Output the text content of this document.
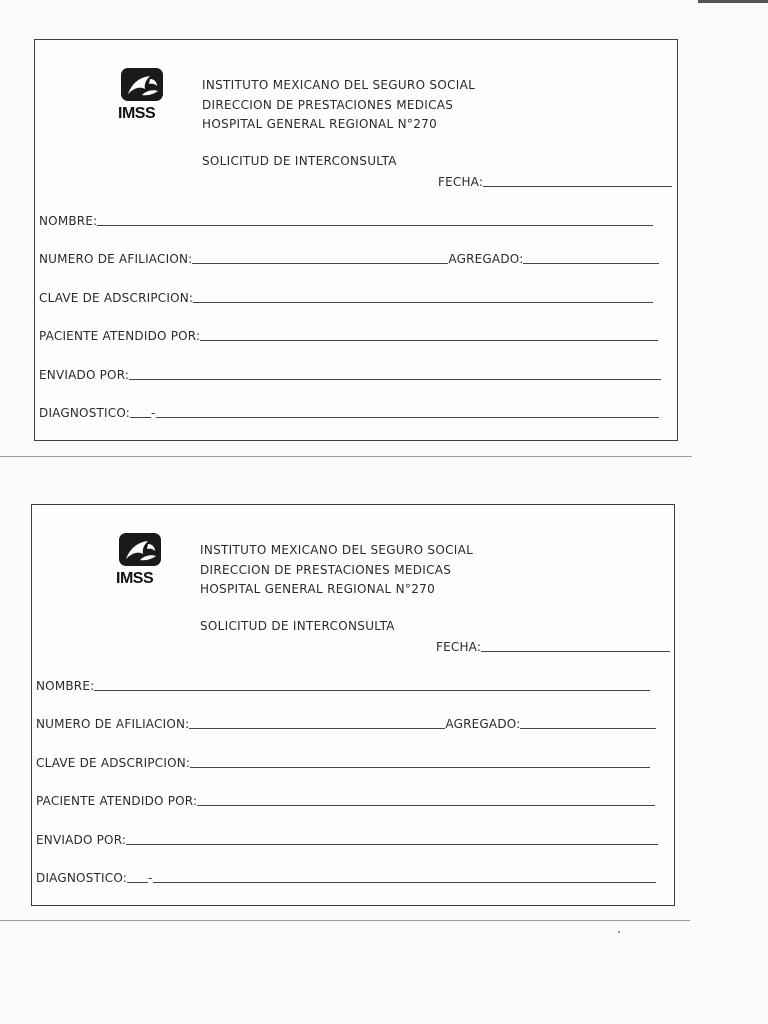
IMSS
INSTITUTO MEXICANO DEL SEGURO SOCIAL
DIRECCION DE PRESTACIONES MEDICAS
HOSPITAL GENERAL REGIONAL N°270
SOLICITUD DE INTERCONSULTA
FECHA:
NOMBRE:
NUMERO DE AFILIACION:	AGREGADO:
CLAVE DE ADSCRIPCION:
PACIENTE ATENDIDO POR:
ENVIADO POR:
DIAGNOSTICO: -
IMSS
INSTITUTO MEXICANO DEL SEGURO SOCIAL
DIRECCION DE PRESTACIONES MEDICAS
HOSPITAL GENERAL REGIONAL N°270
SOLICITUD DE INTERCONSULTA
FECHA:
NOMBRE:
NUMERO DE AFILIACION:	AGREGADO:
CLAVE DE ADSCRIPCION:
PACIENTE ATENDIDO POR:
ENVIADO POR:
DIAGNOSTICO: -
